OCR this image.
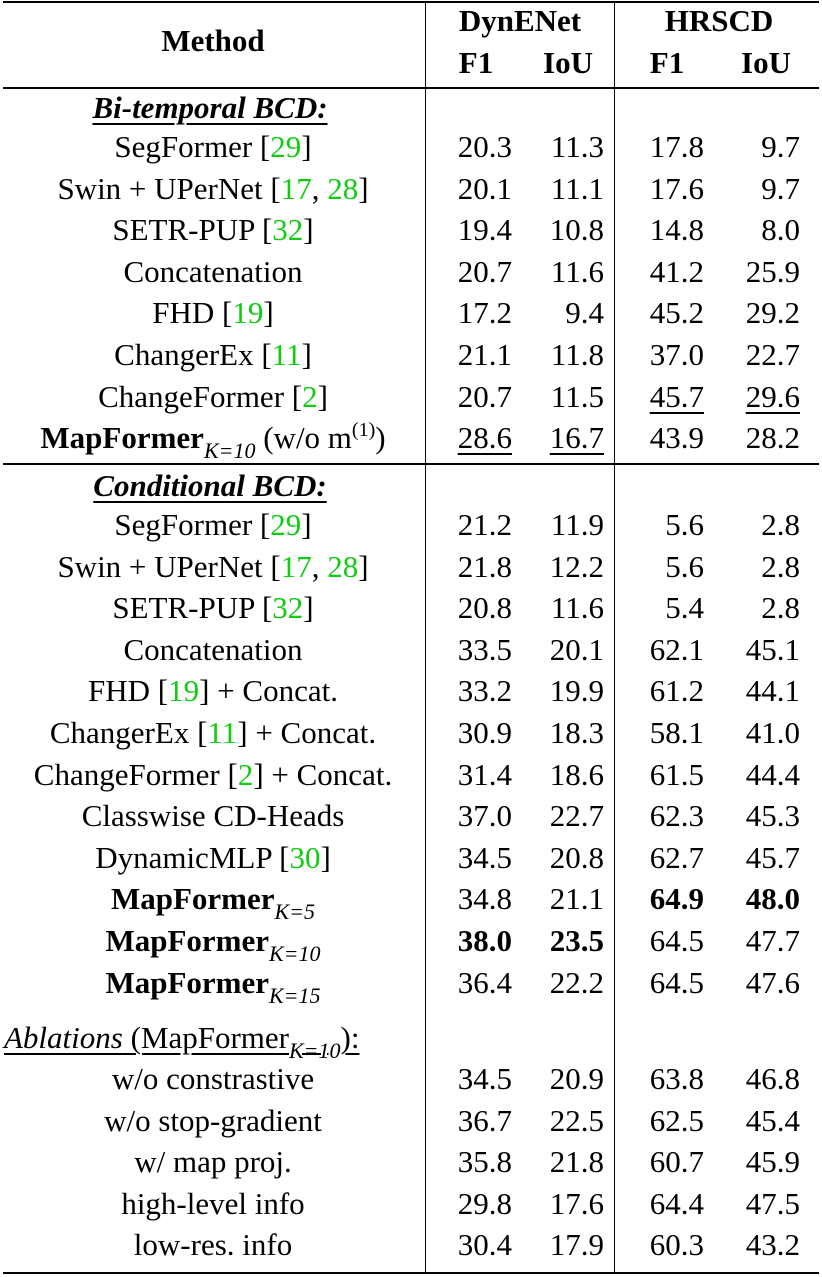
Method
DynENet	HRSCD
F1	IoU	F1	IoU
Bi-temporal BCD:
SegFormer [29]	20.3	11.3	17.8	9.7
Swin + UPerNet [17, 28]	20.1	11.1	17.6	9.7
SETR-PUP [32]	19.4	10.8	14.8	8.0
Concatenation	20.7	11.6	41.2	25.9
FHD [19]	17.2	9.4	45.2	29.2
ChangerEx [11]	21.1	11.8	37.0	22.7
ChangeFormer [2]	20.7	11.5	45.7	29.6
MapFormer$_{K=10}$ (w/o $m^{(1)}$)	28.6	16.7	43.9	28.2
Conditional BCD:
SegFormer [29]	21.2	11.9	5.6	2.8
Swin + UPerNet [17, 28]	21.8	12.2	5.6	2.8
SETR-PUP [32]	20.8	11.6	5.4	2.8
Concatenation	33.5	20.1	62.1	45.1
FHD [19] + Concat.	33.2	19.9	61.2	44.1
ChangerEx [11] + Concat.	30.9	18.3	58.1	41.0
ChangeFormer [2] + Concat.	31.4	18.6	61.5	44.4
Classwise CD-Heads	37.0	22.7	62.3	45.3
DynamicMLP [30]	34.5	20.8	62.7	45.7
MapFormer$_{K=5}$	34.8	21.1	64.9	48.0
MapFormer$_{K=10}$	38.0	23.5	64.5	47.7
MapFormer$_{K=15}$	36.4	22.2	64.5	47.6
Ablations (MapFormer$_{K=10}$):
w/o constrastive	34.5	20.9	63.8	46.8
w/o stop-gradient	36.7	22.5	62.5	45.4
w/ map proj.	35.8	21.8	60.7	45.9
high-level info	29.8	17.6	64.4	47.5
low-res. info	30.4	17.9	60.3	43.2
